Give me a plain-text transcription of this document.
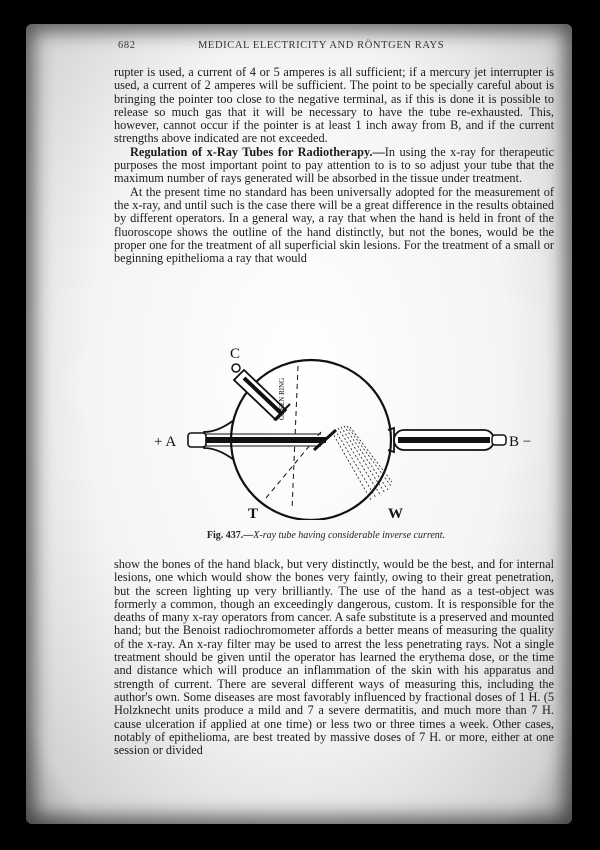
682	MEDICAL ELECTRICITY AND RÖNTGEN RAYS

rupter is used, a current of 4 or 5 amperes is all sufficient; if a mercury jet interrupter is used, a current of 2 amperes will be sufficient. The point to be specially careful about is bringing the pointer too close to the negative terminal, as if this is done it is possible to release so much gas that it will be necessary to have the tube re-exhausted. This, however, cannot occur if the pointer is at least 1 inch away from B, and if the current strengths above indicated are not exceeded.

Regulation of x-Ray Tubes for Radiotherapy.—In using the x-ray for therapeutic purposes the most important point to pay attention to is to so adjust your tube that the maximum number of rays generated will be absorbed in the tissue under treatment.

At the present time no standard has been universally adopted for the measurement of the x-ray, and until such is the case there will be a great difference in the results obtained by different operators. In a general way, a ray that when the hand is held in front of the fluoroscope shows the outline of the hand distinctly, but not the bones, would be the proper one for the treatment of all superficial skin lesions. For the treatment of a small or beginning epithelioma a ray that would

C
+ A	B −
T	W
GREEN RING
Fig. 437.—X-ray tube having considerable inverse current.

show the bones of the hand black, but very distinctly, would be the best, and for internal lesions, one which would show the bones very faintly, owing to their great penetration, but the screen lighting up very brilliantly. The use of the hand as a test-object was formerly a common, though an exceedingly dangerous, custom. It is responsible for the deaths of many x-ray operators from cancer. A safe substitute is a preserved and mounted hand; but the Benoist radiochromometer affords a better means of measuring the quality of the x-ray. An x-ray filter may be used to arrest the less penetrating rays. Not a single treatment should be given until the operator has learned the erythema dose, or the time and distance which will produce an inflammation of the skin with his apparatus and strength of current. There are several different ways of measuring this, including the author's own. Some diseases are most favorably influenced by fractional doses of 1 H. (5 Holzknecht units produce a mild and 7 a severe dermatitis, and much more than 7 H. cause ulceration if applied at one time) or less two or three times a week. Other cases, notably of epithelioma, are best treated by massive doses of 7 H. or more, either at one session or divided
